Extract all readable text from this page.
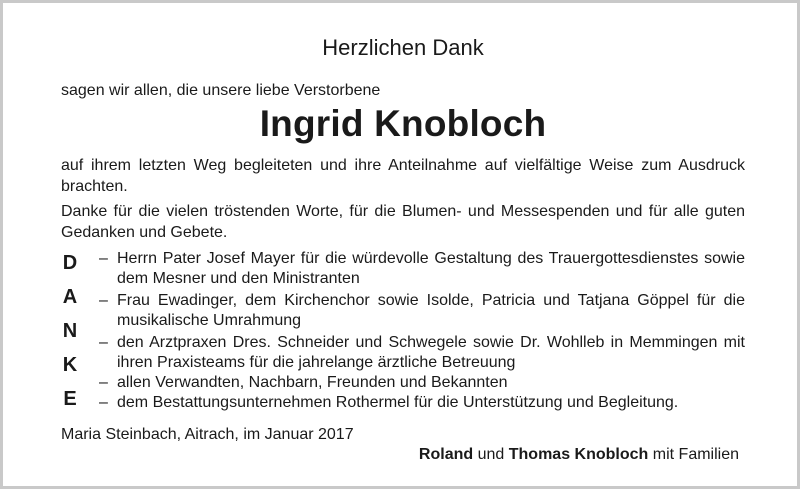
Herzlichen Dank
sagen wir allen, die unsere liebe Verstorbene
Ingrid Knobloch
auf ihrem letzten Weg begleiteten und ihre Anteilnahme auf vielfältige Weise zum Ausdruck brachten.
Danke für die vielen tröstenden Worte, für die Blumen- und Messespenden und für alle guten Gedanken und Gebete.
D
A
N
K
E
– Herrn Pater Josef Mayer für die würdevolle Gestaltung des Trauergottesdienstes sowie dem Mesner und den Ministranten
– Frau Ewadinger, dem Kirchenchor sowie Isolde, Patricia und Tatjana Göppel für die musikalische Umrahmung
– den Arztpraxen Dres. Schneider und Schwegele sowie Dr. Wohlleb in Memmingen mit ihren Praxisteams für die jahrelange ärztliche Betreuung
– allen Verwandten, Nachbarn, Freunden und Bekannten
– dem Bestattungsunternehmen Rothermel für die Unterstützung und Begleitung.
Maria Steinbach, Aitrach, im Januar 2017
Roland und Thomas Knobloch mit Familien
